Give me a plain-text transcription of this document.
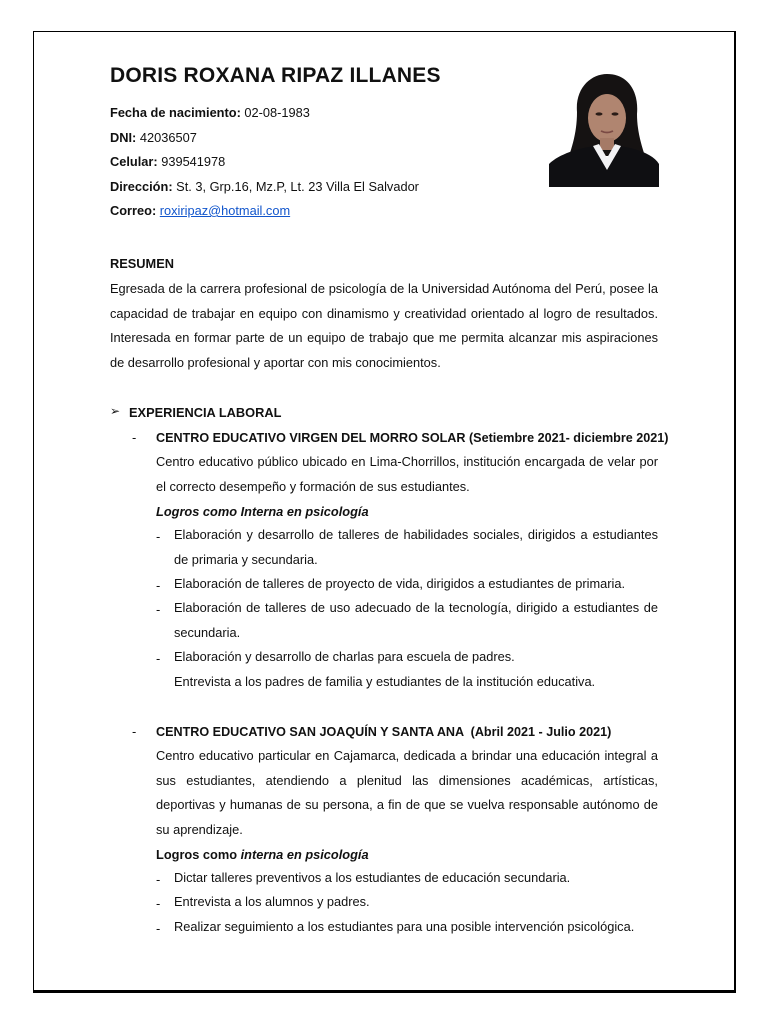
DORIS ROXANA RIPAZ ILLANES
Fecha de nacimiento: 02-08-1983
DNI: 42036507
Celular: 939541978
Dirección: St. 3, Grp.16, Mz.P, Lt. 23 Villa El Salvador
Correo: roxiripaz@hotmail.com
RESUMEN
Egresada de la carrera profesional de psicología de la Universidad Autónoma del Perú, posee la capacidad de trabajar en equipo con dinamismo y creatividad orientado al logro de resultados. Interesada en formar parte de un equipo de trabajo que me permita alcanzar mis aspiraciones de desarrollo profesional y aportar con mis conocimientos.
➢ EXPERIENCIA LABORAL
- CENTRO EDUCATIVO VIRGEN DEL MORRO SOLAR (Setiembre 2021- diciembre 2021)
Centro educativo público ubicado en Lima-Chorrillos, institución encargada de velar por el correcto desempeño y formación de sus estudiantes.
Logros como Interna en psicología
- Elaboración y desarrollo de talleres de habilidades sociales, dirigidos a estudiantes de primaria y secundaria.
- Elaboración de talleres de proyecto de vida, dirigidos a estudiantes de primaria.
- Elaboración de talleres de uso adecuado de la tecnología, dirigido a estudiantes de secundaria.
- Elaboración y desarrollo de charlas para escuela de padres.
Entrevista a los padres de familia y estudiantes de la institución educativa.
- CENTRO EDUCATIVO SAN JOAQUÍN Y SANTA ANA  (Abril 2021 - Julio 2021)
Centro educativo particular en Cajamarca, dedicada a brindar una educación integral a sus estudiantes, atendiendo a plenitud las dimensiones académicas, artísticas, deportivas y humanas de su persona, a fin de que se vuelva responsable autónomo de su aprendizaje.
Logros como interna en psicología
- Dictar talleres preventivos a los estudiantes de educación secundaria.
- Entrevista a los alumnos y padres.
- Realizar seguimiento a los estudiantes para una posible intervención psicológica.
